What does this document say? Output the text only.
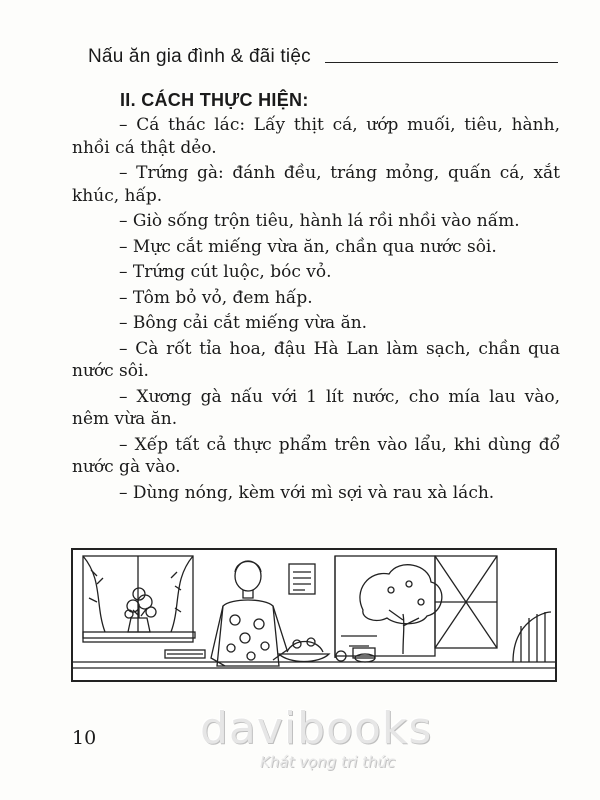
Nấu ăn gia đình & đãi tiệc
II. CÁCH THỰC HIỆN:

– Cá thác lác: Lấy thịt cá, ướp muối, tiêu, hành, nhồi cá thật dẻo.

– Trứng gà: đánh đều, tráng mỏng, quấn cá, xắt khúc, hấp.

– Giò sống trộn tiêu, hành lá rồi nhồi vào nấm.

– Mực cắt miếng vừa ăn, chần qua nước sôi.

– Trứng cút luộc, bóc vỏ.

– Tôm bỏ vỏ, đem hấp.

– Bông cải cắt miếng vừa ăn.

– Cà rốt tỉa hoa, đậu Hà Lan làm sạch, chần qua nước sôi.

– Xương gà nấu với 1 lít nước, cho mía lau vào, nêm vừa ăn.

– Xếp tất cả thực phẩm trên vào lẩu, khi dùng đổ nước gà vào.

– Dùng nóng, kèm với mì sợi và rau xà lách.

davibooks
Khát vọng tri thức
10
